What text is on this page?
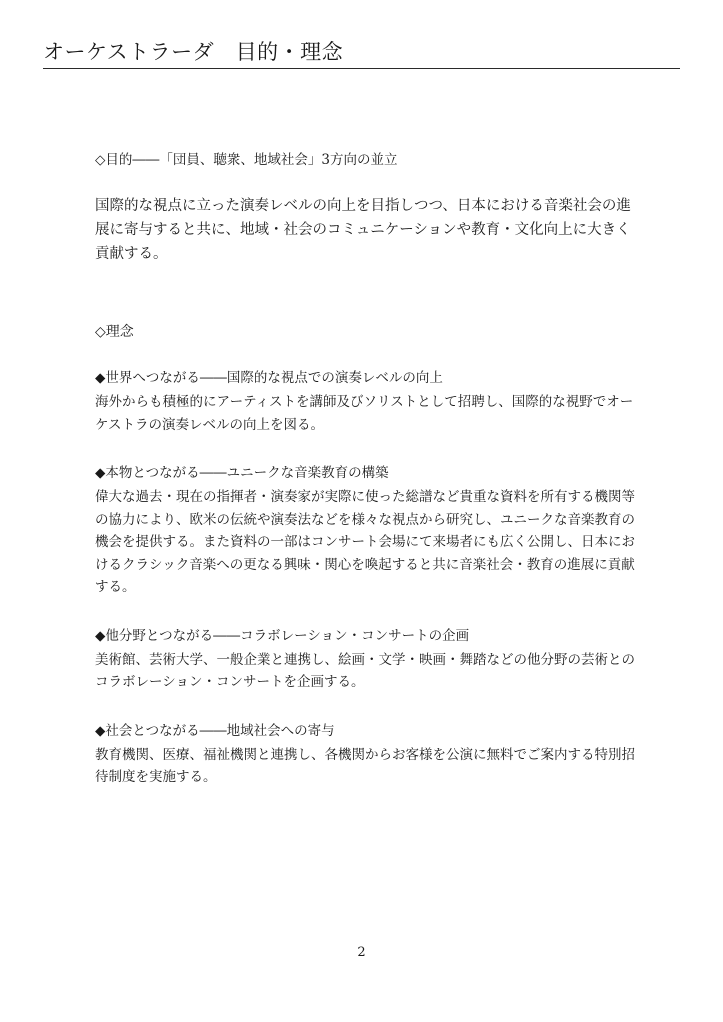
オーケストラーダ　目的・理念
◇目的――「団員、聴衆、地域社会」3方向の並立

国際的な視点に立った演奏レベルの向上を目指しつつ、日本における音楽社会の進展に寄与すると共に、地域・社会のコミュニケーションや教育・文化向上に大きく貢献する。

◇理念
◆世界へつながる――国際的な視点での演奏レベルの向上

海外からも積極的にアーティストを講師及びソリストとして招聘し、国際的な視野でオーケストラの演奏レベルの向上を図る。

◆本物とつながる――ユニークな音楽教育の構築

偉大な過去・現在の指揮者・演奏家が実際に使った総譜など貴重な資料を所有する機関等の協力により、欧米の伝統や演奏法などを様々な視点から研究し、ユニークな音楽教育の機会を提供する。また資料の一部はコンサート会場にて来場者にも広く公開し、日本におけるクラシック音楽への更なる興味・関心を喚起すると共に音楽社会・教育の進展に貢献する。

◆他分野とつながる――コラボレーション・コンサートの企画

美術館、芸術大学、一般企業と連携し、絵画・文学・映画・舞踏などの他分野の芸術とのコラボレーション・コンサートを企画する。

◆社会とつながる――地域社会への寄与

教育機関、医療、福祉機関と連携し、各機関からお客様を公演に無料でご案内する特別招待制度を実施する。

2
